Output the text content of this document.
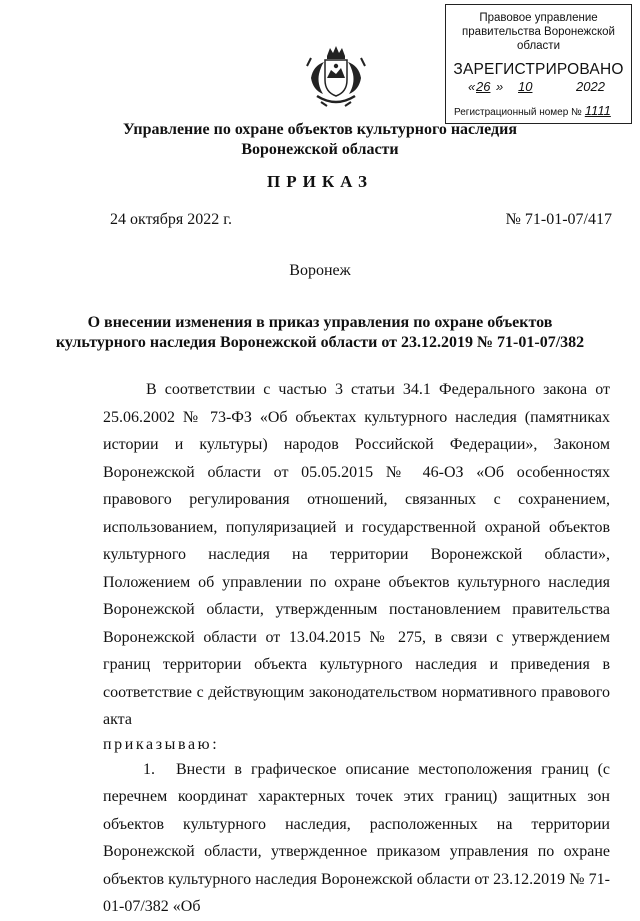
Правовое управление правительства Воронежской области
ЗАРЕГИСТРИРОВАНО
« 26 » 10	2022
Регистрационный номер № 1111
Управление по охране объектов культурного наследия
Воронежской области
ПРИКАЗ
24 октября 2022 г.	№ 71-01-07/417
Воронеж
О внесении изменения в приказ управления по охране объектов
культурного наследия Воронежской области от 23.12.2019 № 71-01-07/382

В соответствии с частью 3 статьи 34.1 Федерального закона от 25.06.2002 № 73-ФЗ «Об объектах культурного наследия (памятниках истории и культуры) народов Российской Федерации», Законом Воронежской области от 05.05.2015 № 46-ОЗ «Об особенностях правового регулирования отношений, связанных с сохранением, использованием, популяризацией и государственной охраной объектов культурного наследия на территории Воронежской области», Положением об управлении по охране объектов культурного наследия Воронежской области, утвержденным постановлением правительства Воронежской области от 13.04.2015 № 275, в связи с утверждением границ территории объекта культурного наследия и приведения в соответствие с действующим законодательством нормативного правового акта

приказываю:

1. Внести в графическое описание местоположения границ (с перечнем координат характерных точек этих границ) защитных зон объектов культурного наследия, расположенных на территории Воронежской области, утвержденное приказом управления по охране объектов культурного наследия Воронежской области от 23.12.2019 № 71-01-07/382 «Об
